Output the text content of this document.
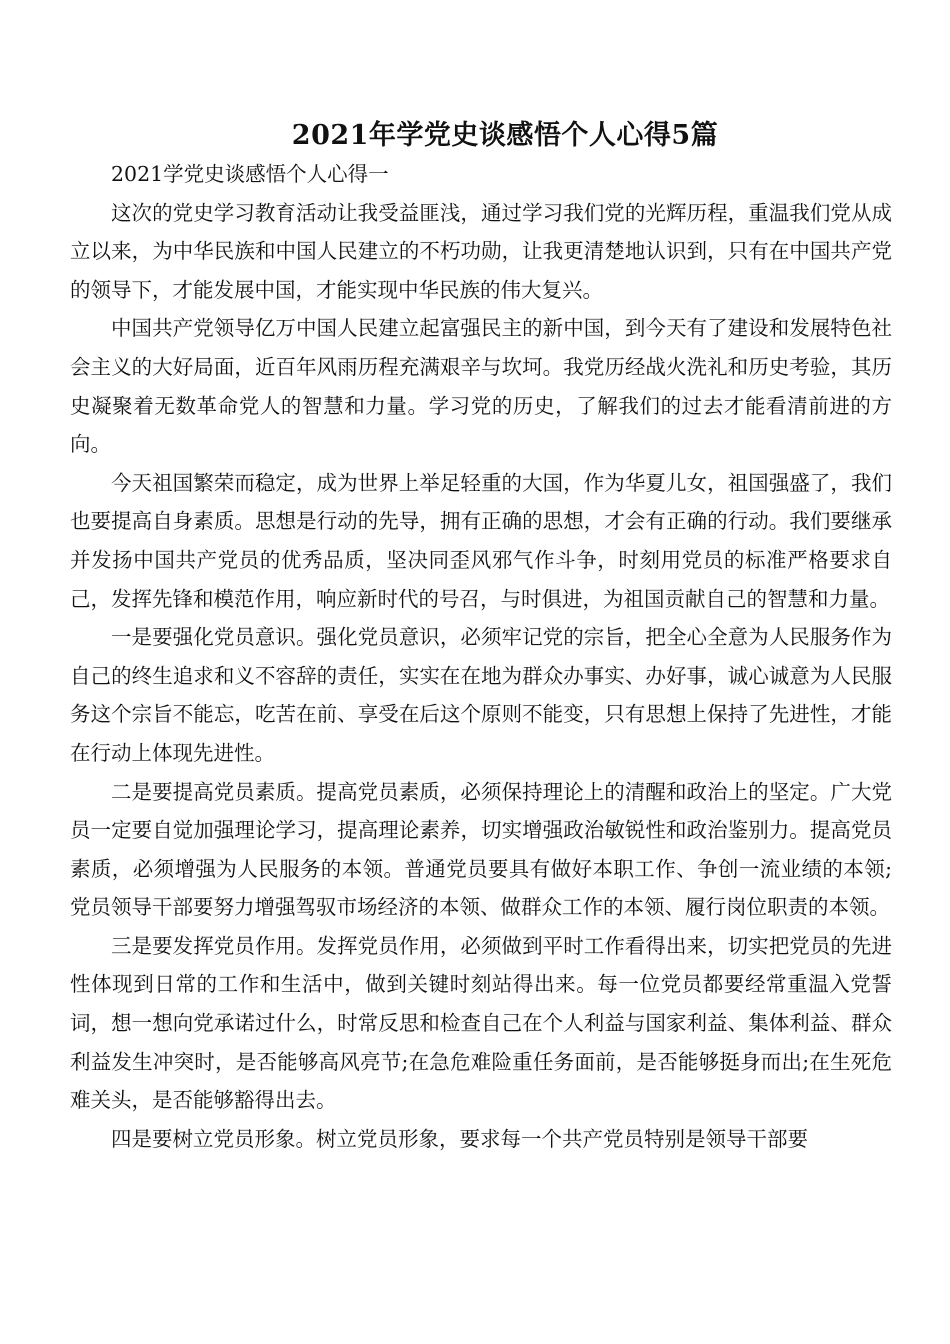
2021年学党史谈感悟个人心得5篇

2021学党史谈感悟个人心得一

这次的党史学习教育活动让我受益匪浅，通过学习我们党的光辉历程，重温我们党从成立以来，为中华民族和中国人民建立的不朽功勋，让我更清楚地认识到，只有在中国共产党的领导下，才能发展中国，才能实现中华民族的伟大复兴。

中国共产党领导亿万中国人民建立起富强民主的新中国，到今天有了建设和发展特色社会主义的大好局面，近百年风雨历程充满艰辛与坎坷。我党历经战火洗礼和历史考验，其历史凝聚着无数革命党人的智慧和力量。学习党的历史，了解我们的过去才能看清前进的方向。

今天祖国繁荣而稳定，成为世界上举足轻重的大国，作为华夏儿女，祖国强盛了，我们也要提高自身素质。思想是行动的先导，拥有正确的思想，才会有正确的行动。我们要继承并发扬中国共产党员的优秀品质，坚决同歪风邪气作斗争，时刻用党员的标准严格要求自己，发挥先锋和模范作用，响应新时代的号召，与时俱进，为祖国贡献自己的智慧和力量。

一是要强化党员意识。强化党员意识，必须牢记党的宗旨，把全心全意为人民服务作为自己的终生追求和义不容辞的责任，实实在在地为群众办事实、办好事，诚心诚意为人民服务这个宗旨不能忘，吃苦在前、享受在后这个原则不能变，只有思想上保持了先进性，才能在行动上体现先进性。

二是要提高党员素质。提高党员素质，必须保持理论上的清醒和政治上的坚定。广大党员一定要自觉加强理论学习，提高理论素养，切实增强政治敏锐性和政治鉴别力。提高党员素质，必须增强为人民服务的本领。普通党员要具有做好本职工作、争创一流业绩的本领;党员领导干部要努力增强驾驭市场经济的本领、做群众工作的本领、履行岗位职责的本领。

三是要发挥党员作用。发挥党员作用，必须做到平时工作看得出来，切实把党员的先进性体现到日常的工作和生活中，做到关键时刻站得出来。每一位党员都要经常重温入党誓词，想一想向党承诺过什么，时常反思和检查自己在个人利益与国家利益、集体利益、群众利益发生冲突时，是否能够高风亮节;在急危难险重任务面前，是否能够挺身而出;在生死危难关头，是否能够豁得出去。

四是要树立党员形象。树立党员形象，要求每一个共产党员特别是领导干部要
